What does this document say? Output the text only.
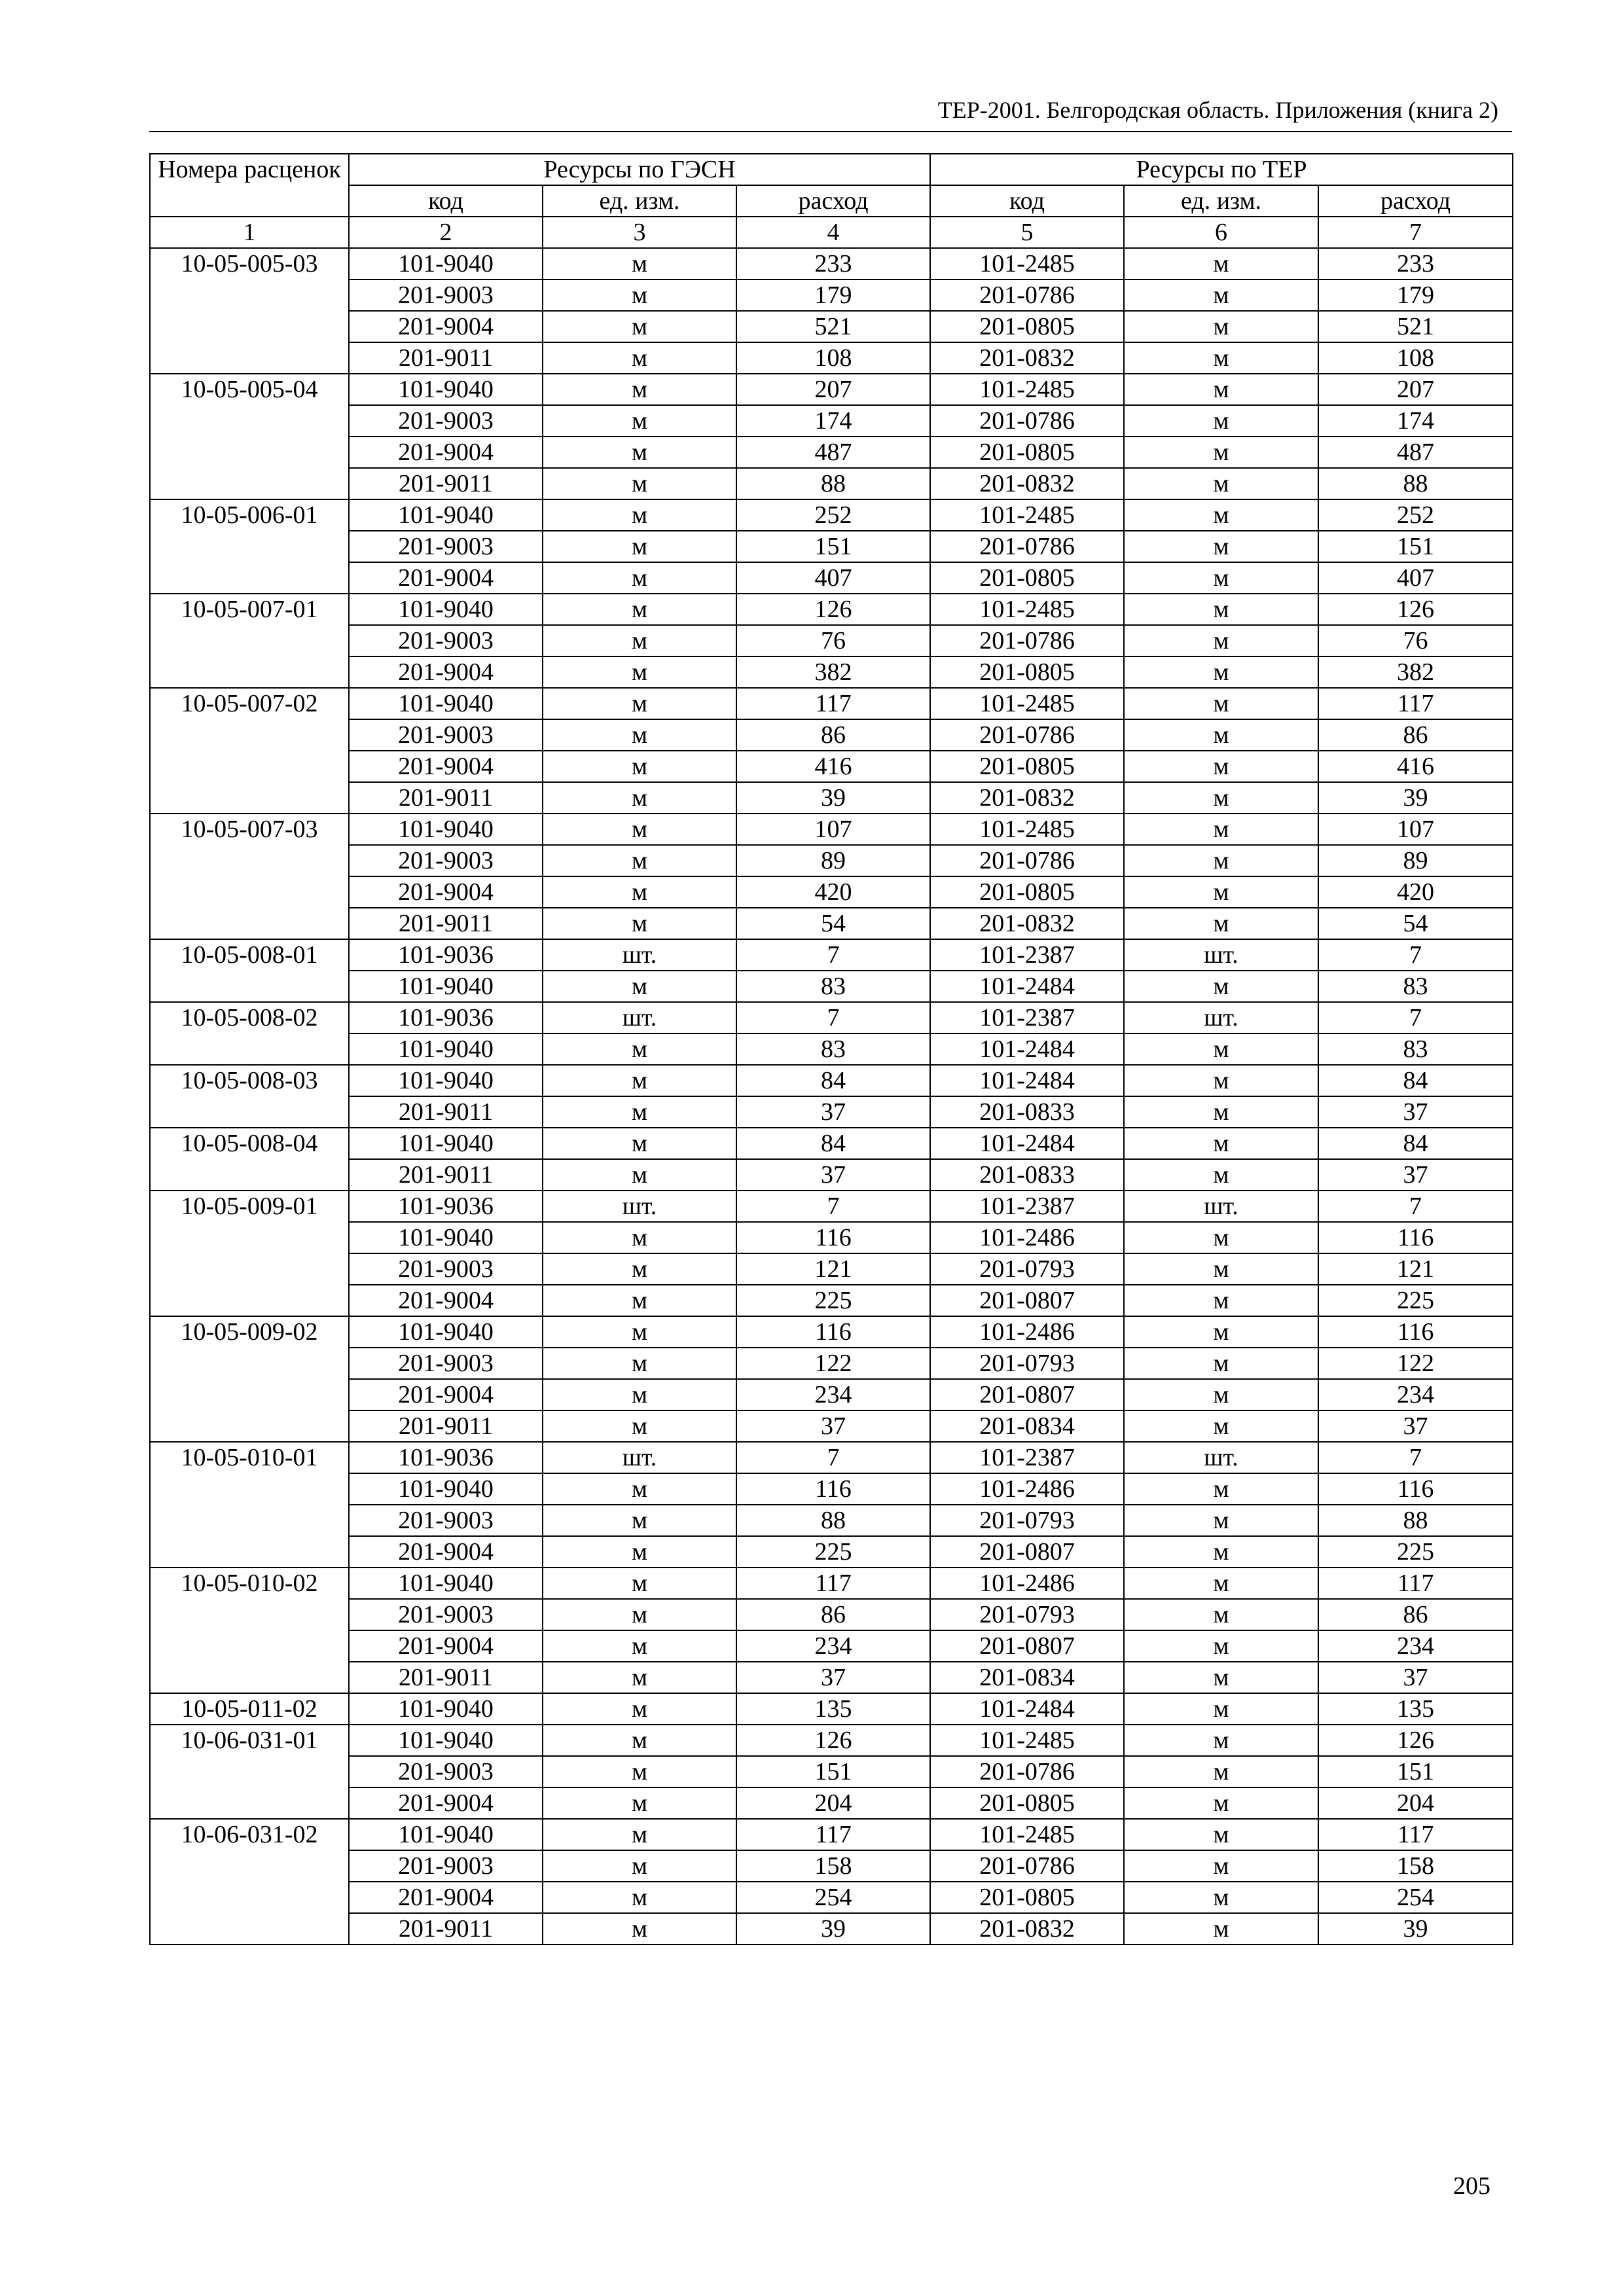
ТЕР-2001. Белгородская область. Приложения (книга 2)
Номера расценок	Ресурсы по ГЭСН			Ресурсы по ТЕР		
	код	ед. изм.	расход	код	ед. изм.	расход
1	2	3	4	5	6	7
10-05-005-03	101-9040	м	233	101-2485	м	233
	201-9003	м	179	201-0786	м	179
	201-9004	м	521	201-0805	м	521
	201-9011	м	108	201-0832	м	108
10-05-005-04	101-9040	м	207	101-2485	м	207
	201-9003	м	174	201-0786	м	174
	201-9004	м	487	201-0805	м	487
	201-9011	м	88	201-0832	м	88
10-05-006-01	101-9040	м	252	101-2485	м	252
	201-9003	м	151	201-0786	м	151
	201-9004	м	407	201-0805	м	407
10-05-007-01	101-9040	м	126	101-2485	м	126
	201-9003	м	76	201-0786	м	76
	201-9004	м	382	201-0805	м	382
10-05-007-02	101-9040	м	117	101-2485	м	117
	201-9003	м	86	201-0786	м	86
	201-9004	м	416	201-0805	м	416
	201-9011	м	39	201-0832	м	39
10-05-007-03	101-9040	м	107	101-2485	м	107
	201-9003	м	89	201-0786	м	89
	201-9004	м	420	201-0805	м	420
	201-9011	м	54	201-0832	м	54
10-05-008-01	101-9036	шт.	7	101-2387	шт.	7
	101-9040	м	83	101-2484	м	83
10-05-008-02	101-9036	шт.	7	101-2387	шт.	7
	101-9040	м	83	101-2484	м	83
10-05-008-03	101-9040	м	84	101-2484	м	84
	201-9011	м	37	201-0833	м	37
10-05-008-04	101-9040	м	84	101-2484	м	84
	201-9011	м	37	201-0833	м	37
10-05-009-01	101-9036	шт.	7	101-2387	шт.	7
	101-9040	м	116	101-2486	м	116
	201-9003	м	121	201-0793	м	121
	201-9004	м	225	201-0807	м	225
10-05-009-02	101-9040	м	116	101-2486	м	116
	201-9003	м	122	201-0793	м	122
	201-9004	м	234	201-0807	м	234
	201-9011	м	37	201-0834	м	37
10-05-010-01	101-9036	шт.	7	101-2387	шт.	7
	101-9040	м	116	101-2486	м	116
	201-9003	м	88	201-0793	м	88
	201-9004	м	225	201-0807	м	225
10-05-010-02	101-9040	м	117	101-2486	м	117
	201-9003	м	86	201-0793	м	86
	201-9004	м	234	201-0807	м	234
	201-9011	м	37	201-0834	м	37
10-05-011-02	101-9040	м	135	101-2484	м	135
10-06-031-01	101-9040	м	126	101-2485	м	126
	201-9003	м	151	201-0786	м	151
	201-9004	м	204	201-0805	м	204
10-06-031-02	101-9040	м	117	101-2485	м	117
	201-9003	м	158	201-0786	м	158
	201-9004	м	254	201-0805	м	254
	201-9011	м	39	201-0832	м	39
205
